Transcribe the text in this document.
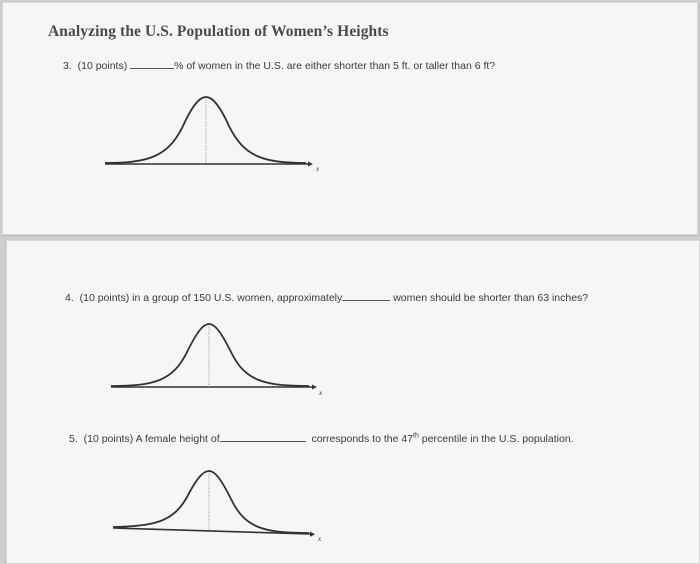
Analyzing the U.S. Population of Women’s Heights
3. (10 points)	% of women in the U.S. are either shorter than 5 ft. or taller than 6 ft?
x
4. (10 points) in a group of 150 U.S. women, approximately	women should be shorter than 63 inches?
x
5. (10 points) A female height of	corresponds to the 47th percentile in the U.S. population.
x
